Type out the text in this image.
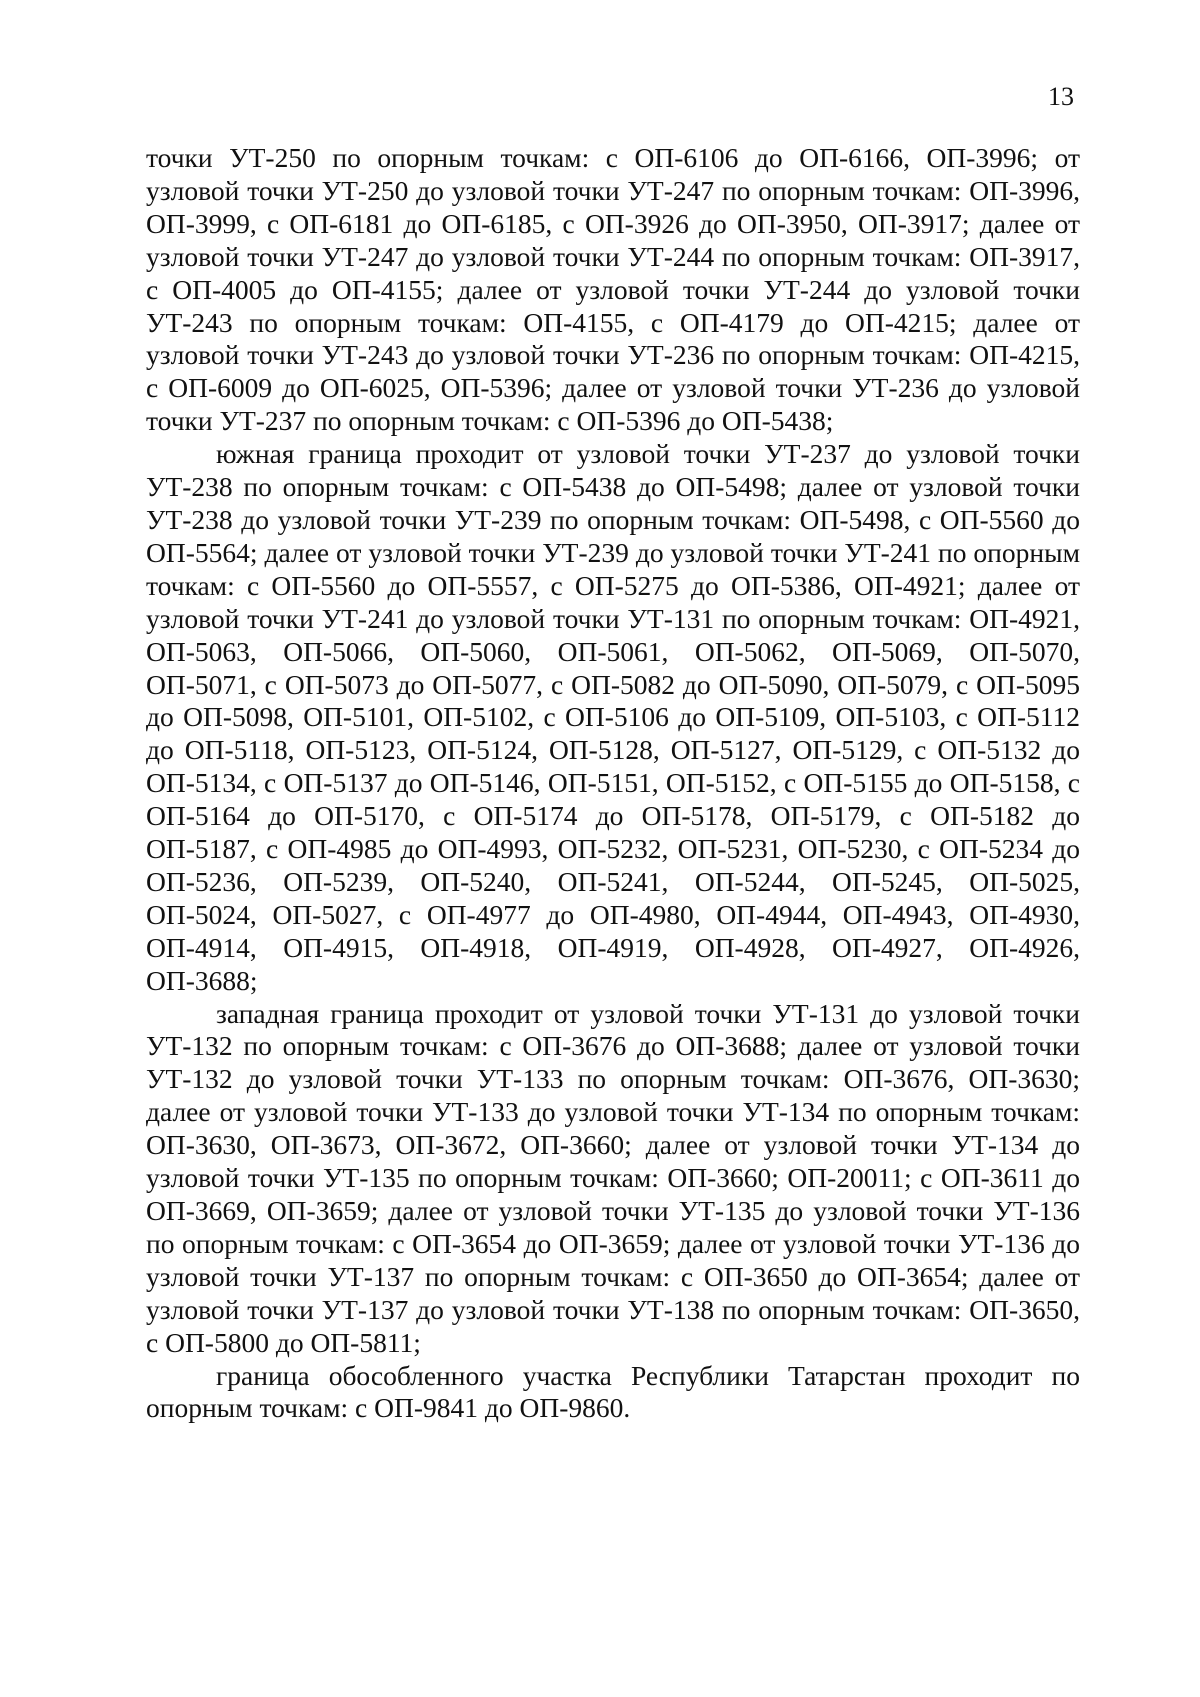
13

точки УТ-250 по опорным точкам: с ОП-6106 до ОП-6166, ОП-3996; от узловой точки УТ-250 до узловой точки УТ-247 по опорным точкам: ОП-3996, ОП-3999, с ОП-6181 до ОП-6185, с ОП-3926 до ОП-3950, ОП-3917; далее от узловой точки УТ-247 до узловой точки УТ-244 по опорным точкам: ОП-3917, с ОП-4005 до ОП-4155; далее от узловой точки УТ-244 до узловой точки УТ-243 по опорным точкам: ОП-4155, с ОП-4179 до ОП-4215; далее от узловой точки УТ-243 до узловой точки УТ-236 по опорным точкам: ОП-4215, с ОП-6009 до ОП-6025, ОП-5396; далее от узловой точки УТ-236 до узловой точки УТ-237 по опорным точкам: с ОП-5396 до ОП-5438;

южная граница проходит от узловой точки УТ-237 до узловой точки УТ-238 по опорным точкам: с ОП-5438 до ОП-5498; далее от узловой точки УТ-238 до узловой точки УТ-239 по опорным точкам: ОП-5498, с ОП-5560 до ОП-5564; далее от узловой точки УТ-239 до узловой точки УТ-241 по опорным точкам: с ОП-5560 до ОП-5557, с ОП-5275 до ОП-5386, ОП-4921; далее от узловой точки УТ-241 до узловой точки УТ-131 по опорным точкам: ОП-4921, ОП-5063, ОП-5066, ОП-5060, ОП-5061, ОП-5062, ОП-5069, ОП-5070, ОП-5071, с ОП-5073 до ОП-5077, с ОП-5082 до ОП-5090, ОП-5079, с ОП-5095 до ОП-5098, ОП-5101, ОП-5102, с ОП-5106 до ОП-5109, ОП-5103, с ОП-5112 до ОП-5118, ОП-5123, ОП-5124, ОП-5128, ОП-5127, ОП-5129, с ОП-5132 до ОП-5134, с ОП-5137 до ОП-5146, ОП-5151, ОП-5152, с ОП-5155 до ОП-5158, с ОП-5164 до ОП-5170, с ОП-5174 до ОП-5178, ОП-5179, с ОП-5182 до ОП-5187, с ОП-4985 до ОП-4993, ОП-5232, ОП-5231, ОП-5230, с ОП-5234 до ОП-5236, ОП-5239, ОП-5240, ОП-5241, ОП-5244, ОП-5245, ОП-5025, ОП-5024, ОП-5027, с ОП-4977 до ОП-4980, ОП-4944, ОП-4943, ОП-4930, ОП-4914, ОП-4915, ОП-4918, ОП-4919, ОП-4928, ОП-4927, ОП-4926, ОП-3688;

западная граница проходит от узловой точки УТ-131 до узловой точки УТ-132 по опорным точкам: с ОП-3676 до ОП-3688; далее от узловой точки УТ-132 до узловой точки УТ-133 по опорным точкам: ОП-3676, ОП-3630; далее от узловой точки УТ-133 до узловой точки УТ-134 по опорным точкам: ОП-3630, ОП-3673, ОП-3672, ОП-3660; далее от узловой точки УТ-134 до узловой точки УТ-135 по опорным точкам: ОП-3660; ОП-20011; с ОП-3611 до ОП-3669, ОП-3659; далее от узловой точки УТ-135 до узловой точки УТ-136 по опорным точкам: с ОП-3654 до ОП-3659; далее от узловой точки УТ-136 до узловой точки УТ-137 по опорным точкам: с ОП-3650 до ОП-3654; далее от узловой точки УТ-137 до узловой точки УТ-138 по опорным точкам: ОП-3650, с ОП-5800 до ОП-5811;

граница обособленного участка Республики Татарстан проходит по опорным точкам: с ОП-9841 до ОП-9860.
